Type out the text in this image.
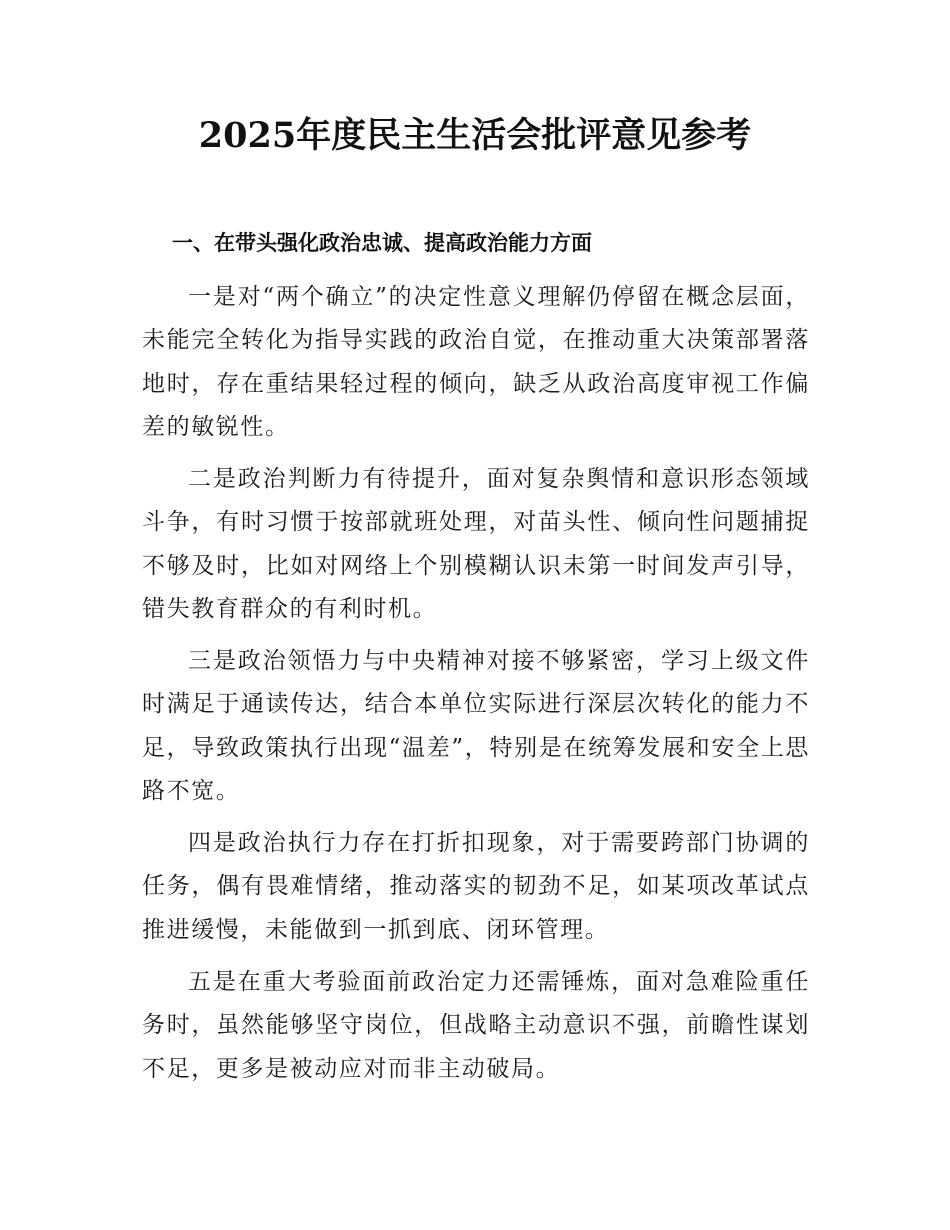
2025年度民主生活会批评意见参考
一、在带头强化政治忠诚、提高政治能力方面

一是对“两个确立”的决定性意义理解仍停留在概念层面，未能完全转化为指导实践的政治自觉，在推动重大决策部署落地时，存在重结果轻过程的倾向，缺乏从政治高度审视工作偏差的敏锐性。

二是政治判断力有待提升，面对复杂舆情和意识形态领域斗争，有时习惯于按部就班处理，对苗头性、倾向性问题捕捉不够及时，比如对网络上个别模糊认识未第一时间发声引导，错失教育群众的有利时机。

三是政治领悟力与中央精神对接不够紧密，学习上级文件时满足于通读传达，结合本单位实际进行深层次转化的能力不足，导致政策执行出现“温差”，特别是在统筹发展和安全上思路不宽。

四是政治执行力存在打折扣现象，对于需要跨部门协调的任务，偶有畏难情绪，推动落实的韧劲不足，如某项改革试点推进缓慢，未能做到一抓到底、闭环管理。

五是在重大考验面前政治定力还需锤炼，面对急难险重任务时，虽然能够坚守岗位，但战略主动意识不强，前瞻性谋划不足，更多是被动应对而非主动破局。
